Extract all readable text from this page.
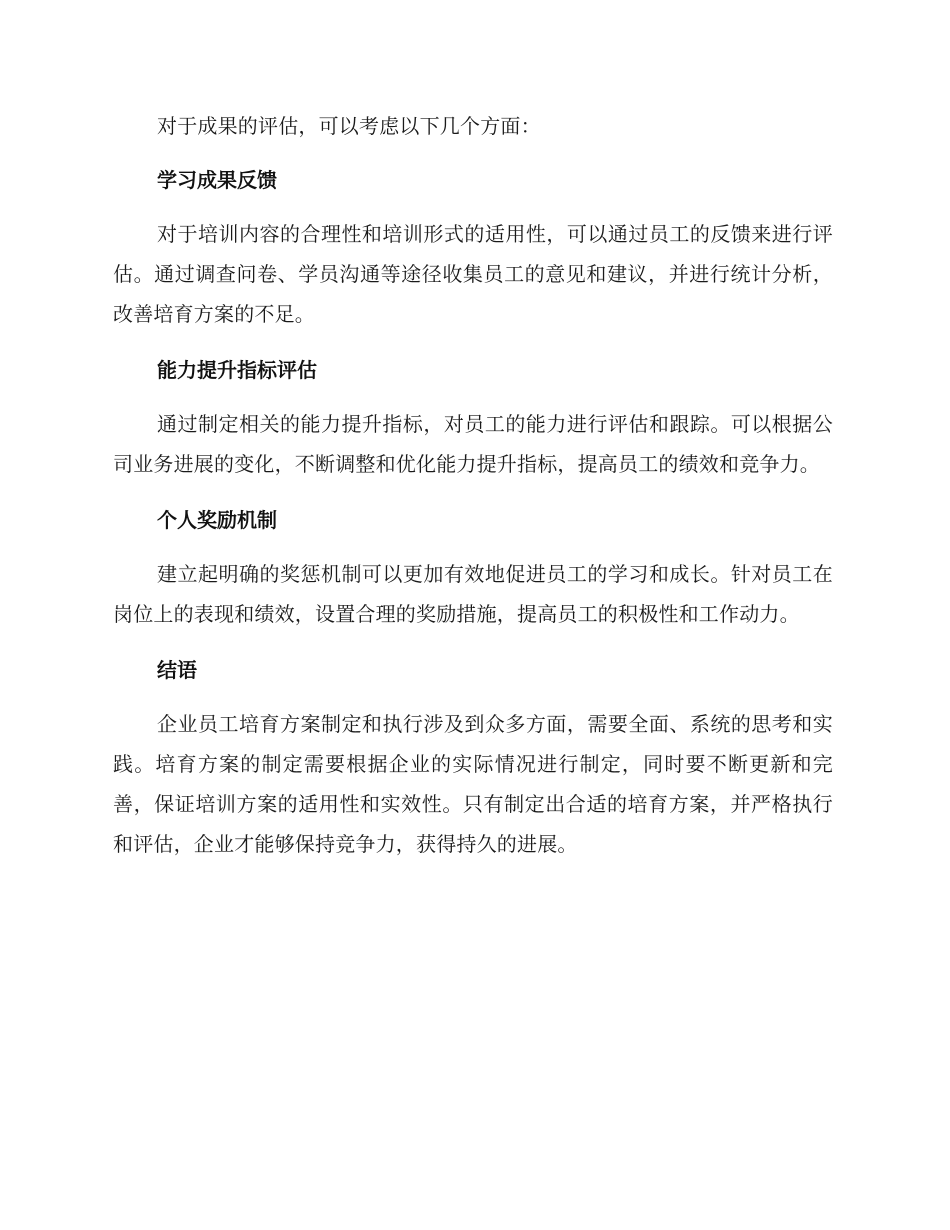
对于成果的评估，可以考虑以下几个方面：

学习成果反馈

对于培训内容的合理性和培训形式的适用性，可以通过员工的反馈来进行评估。通过调查问卷、学员沟通等途径收集员工的意见和建议，并进行统计分析，改善培育方案的不足。

能力提升指标评估

通过制定相关的能力提升指标，对员工的能力进行评估和跟踪。可以根据公司业务进展的变化，不断调整和优化能力提升指标，提高员工的绩效和竞争力。

个人奖励机制

建立起明确的奖惩机制可以更加有效地促进员工的学习和成长。针对员工在岗位上的表现和绩效，设置合理的奖励措施，提高员工的积极性和工作动力。

结语

企业员工培育方案制定和执行涉及到众多方面，需要全面、系统的思考和实践。培育方案的制定需要根据企业的实际情况进行制定，同时要不断更新和完善，保证培训方案的适用性和实效性。只有制定出合适的培育方案，并严格执行和评估，企业才能够保持竞争力，获得持久的进展。
